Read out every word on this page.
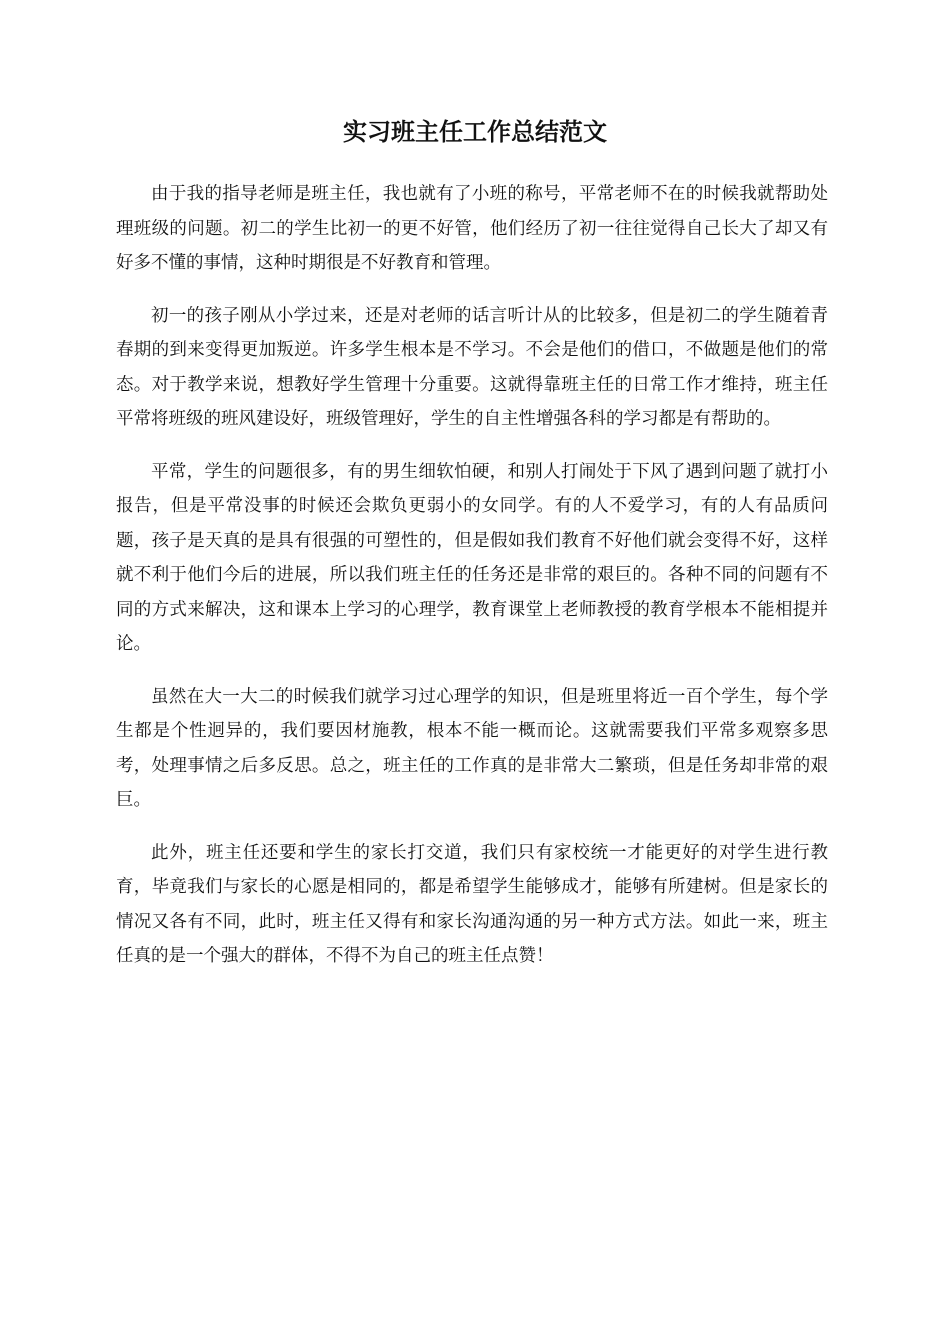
实习班主任工作总结范文

由于我的指导老师是班主任，我也就有了小班的称号，平常老师不在的时候我就帮助处理班级的问题。初二的学生比初一的更不好管，他们经历了初一往往觉得自己长大了却又有好多不懂的事情，这种时期很是不好教育和管理。

初一的孩子刚从小学过来，还是对老师的话言听计从的比较多，但是初二的学生随着青春期的到来变得更加叛逆。许多学生根本是不学习。不会是他们的借口，不做题是他们的常态。对于教学来说，想教好学生管理十分重要。这就得靠班主任的日常工作才维持，班主任平常将班级的班风建设好，班级管理好，学生的自主性增强各科的学习都是有帮助的。

平常，学生的问题很多，有的男生细软怕硬，和别人打闹处于下风了遇到问题了就打小报告，但是平常没事的时候还会欺负更弱小的女同学。有的人不爱学习，有的人有品质问题，孩子是天真的是具有很强的可塑性的，但是假如我们教育不好他们就会变得不好，这样就不利于他们今后的进展，所以我们班主任的任务还是非常的艰巨的。各种不同的问题有不同的方式来解决，这和课本上学习的心理学，教育课堂上老师教授的教育学根本不能相提并论。

虽然在大一大二的时候我们就学习过心理学的知识，但是班里将近一百个学生，每个学生都是个性迥异的，我们要因材施教，根本不能一概而论。这就需要我们平常多观察多思考，处理事情之后多反思。总之，班主任的工作真的是非常大二繁琐，但是任务却非常的艰巨。

此外，班主任还要和学生的家长打交道，我们只有家校统一才能更好的对学生进行教育，毕竟我们与家长的心愿是相同的，都是希望学生能够成才，能够有所建树。但是家长的情况又各有不同，此时，班主任又得有和家长沟通沟通的另一种方式方法。如此一来，班主任真的是一个强大的群体，不得不为自己的班主任点赞！
